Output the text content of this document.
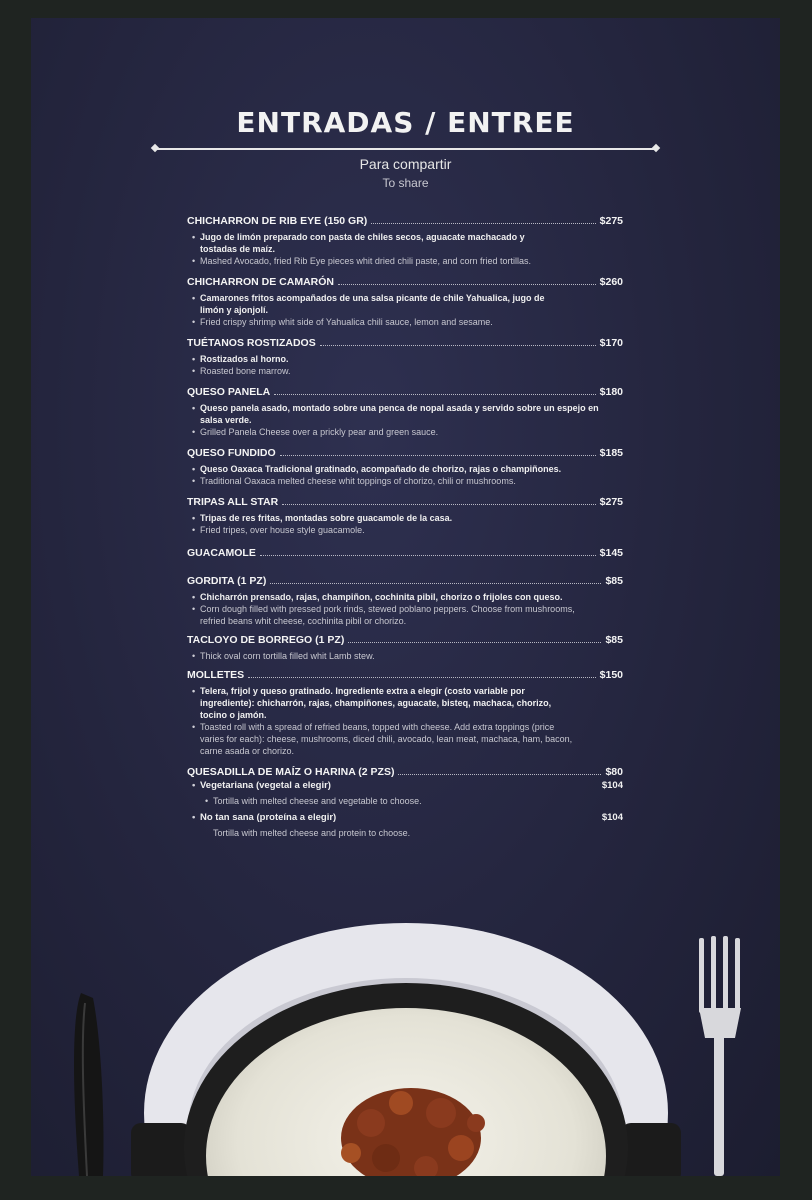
ENTRADAS / ENTREE
Para compartir
To share
CHICHARRON DE RIB EYE (150 GR)	$275
• Jugo de limón preparado con pasta de chiles secos, aguacate machacado y tostadas de maíz.
• Mashed Avocado, fried Rib Eye pieces whit dried chili paste, and corn fried tortillas.
CHICHARRON DE CAMARÓN	$260
• Camarones fritos acompañados de una salsa picante de chile Yahualica, jugo de limón y ajonjolí.
• Fried crispy shrimp whit side of Yahualica chili sauce, lemon and sesame.
TUÉTANOS ROSTIZADOS	$170
• Rostizados al horno.
• Roasted bone marrow.
QUESO PANELA	$180
• Queso panela asado, montado sobre una penca de nopal asada y servido sobre un espejo en salsa verde.
• Grilled Panela Cheese over a prickly pear and green sauce.
QUESO FUNDIDO	$185
• Queso Oaxaca Tradicional gratinado, acompañado de chorizo, rajas o champiñones.
• Traditional Oaxaca melted cheese whit toppings of chorizo, chili or mushrooms.
TRIPAS ALL STAR	$275
• Tripas de res fritas, montadas sobre guacamole de la casa.
• Fried tripes, over house style guacamole.
GUACAMOLE	$145
GORDITA (1 PZ)	$85
• Chicharrón prensado, rajas, champiñon, cochinita pibil, chorizo o frijoles con queso.
• Corn dough filled with pressed pork rinds, stewed poblano peppers. Choose from mushrooms, refried beans whit cheese, cochinita pibil or chorizo.
TACLOYO DE BORREGO (1 PZ)	$85
• Thick oval corn tortilla filled whit Lamb stew.
MOLLETES	$150
• Telera, frijol y queso gratinado. Ingrediente extra a elegir (costo variable por ingrediente): chicharrón, rajas, champiñones, aguacate, bisteq, machaca, chorizo, tocino o jamón.
• Toasted roll with a spread of refried beans, topped with cheese. Add extra toppings (price varies for each): cheese, mushrooms, diced chili, avocado, lean meat, machaca, ham, bacon, carne asada or chorizo.
QUESADILLA DE MAÍZ O HARINA (2 PZS)	$80
• Vegetariana (vegetal a elegir)	$104
• Tortilla with melted cheese and vegetable to choose.
• No tan sana (proteína a elegir)	$104
Tortilla with melted cheese and protein to choose.
